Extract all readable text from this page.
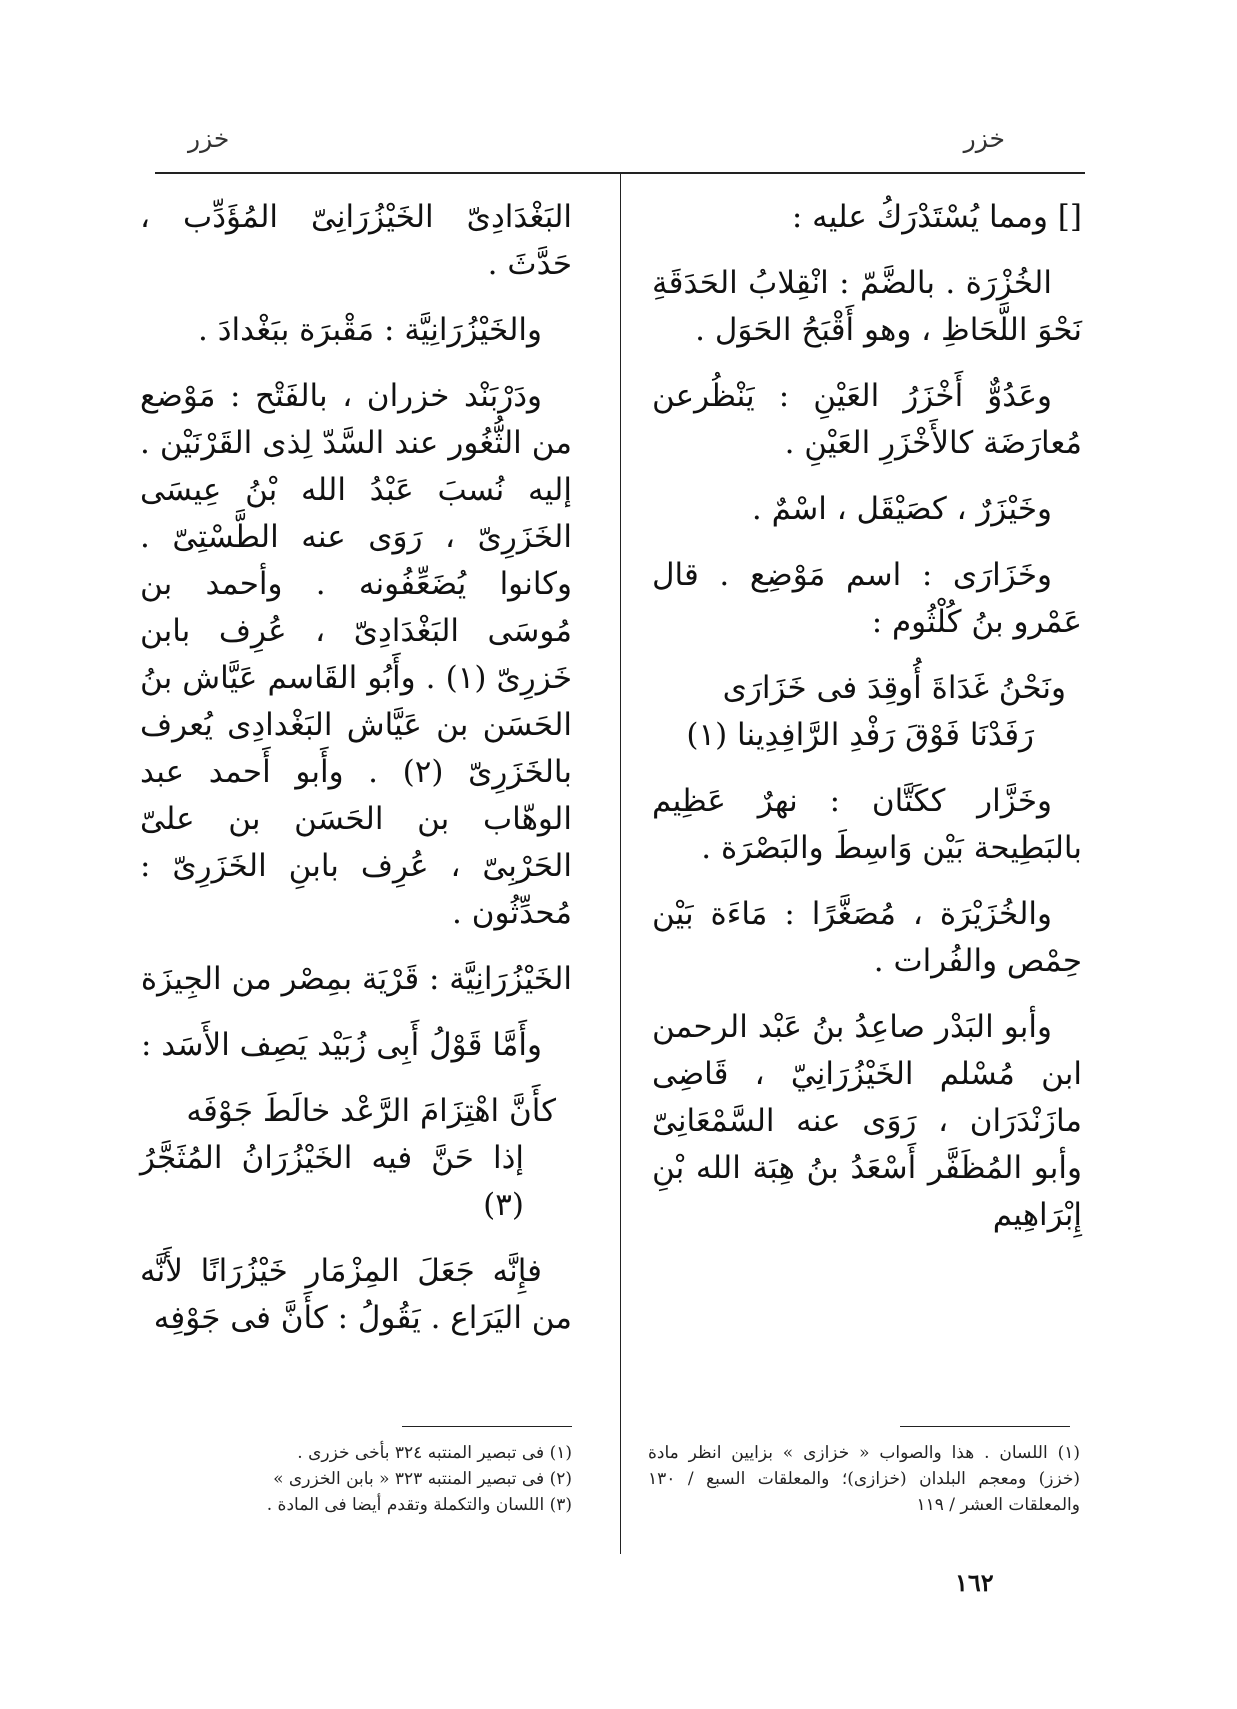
خزر	خزر

[] ومما يُسْتَدْرَكُ عليه :

الخُزْرَة . بالضَّمّ : انْقِلابُ الحَدَقَةِ نَحْوَ اللَّحَاظِ ، وهو أَقْبَحُ الحَوَل .

وعَدُوٌّ أَخْزَرُ العَيْنِ : يَنْظُرعن مُعارَضَة كالأَخْزَرِ العَيْنِ .

وخَيْزَرٌ ، كصَيْقَل ، اسْمٌ .

وخَزَارَى : اسم مَوْضِع . قال عَمْرو بنُ كُلْثُوم :

ونَحْنُ غَدَاةَ أُوقِدَ فى خَزَارَى
رَفَدْنَا فَوْقَ رَفْدِ الرَّافِدِينا (١)

وخَزَّار ككَتَّان : نهرٌ عَظِيم بالبَطِيحة بَيْن وَاسِطَ والبَصْرَة .

والخُزَيْرَة ، مُصَغَّرًا : مَاءَة بَيْن حِمْص والفُرات .

وأبو البَدْر صاعِدُ بنُ عَبْد الرحمن ابن مُسْلم الخَيْزُرَانِيّ ، قَاضِى مازَنْدَرَان ، رَوَى عنه السَّمْعَانِىّ وأبو المُظَفَّر أَسْعَدُ بنُ هِبَة الله بْنِ إِبْرَاهِيم

البَغْدَادِىّ الخَيْزُرَانِىّ المُؤَدِّب ، حَدَّثَ .

والخَيْزُرَانِيَّة : مَقْبرَة ببَغْدادَ .

ودَرْبَنْد خزران ، بالفَتْح : مَوْضع من الثُّغُور عند السَّدّ لِذى القَرْنَيْن . إليه نُسبَ عَبْدُ الله بْنُ عِيسَى الخَزَرِىّ ، رَوَى عنه الطَّسْتِىّ . وكانوا يُضَعِّفُونه . وأحمد بن مُوسَى البَغْدَادِىّ ، عُرِف بابن خَزرِىّ (١) . وأَبُو القَاسم عَيَّاش بنُ الحَسَن بن عَيَّاش البَغْدادِى يُعرف بالخَزَرِىّ (٢) . وأَبو أَحمد عبد الوهّاب بن الحَسَن بن علىّ الحَرْبِىّ ، عُرِف بابنِ الخَزَرِىّ : مُحدِّثُون .

الخَيْزُرَانِيَّة : قَرْيَة بمِصْر من الجِيزَة

وأَمَّا قَوْلُ أَبِى زُبَيْد يَصِف الأَسَد :

كأَنَّ اهْتِزَامَ الرَّعْد خالَطَ جَوْفَه
إذا حَنَّ فيه الخَيْزُرَانُ المُثَجَّرُ (٣)

فإِنَّه جَعَلَ المِزْمَار خَيْزُرَانًا لأَنَّه من اليَرَاع . يَقُولُ : كأَنَّ فى جَوْفِه

(١) فى تبصير المنتبه ٣٢٤ بأخى خزرى .
(٢) فى تبصير المنتبه ٣٢٣ « بابن الخزرى »
(٣) اللسان والتكملة وتقدم أيضا فى المادة .
(١) اللسان . هذا والصواب « خزازى » بزايين انظر مادة (خزز) ومعجم البلدان (خزازى)؛ والمعلقات السبع / ١٣٠ والمعلقات العشر / ١١٩
١٦٢
